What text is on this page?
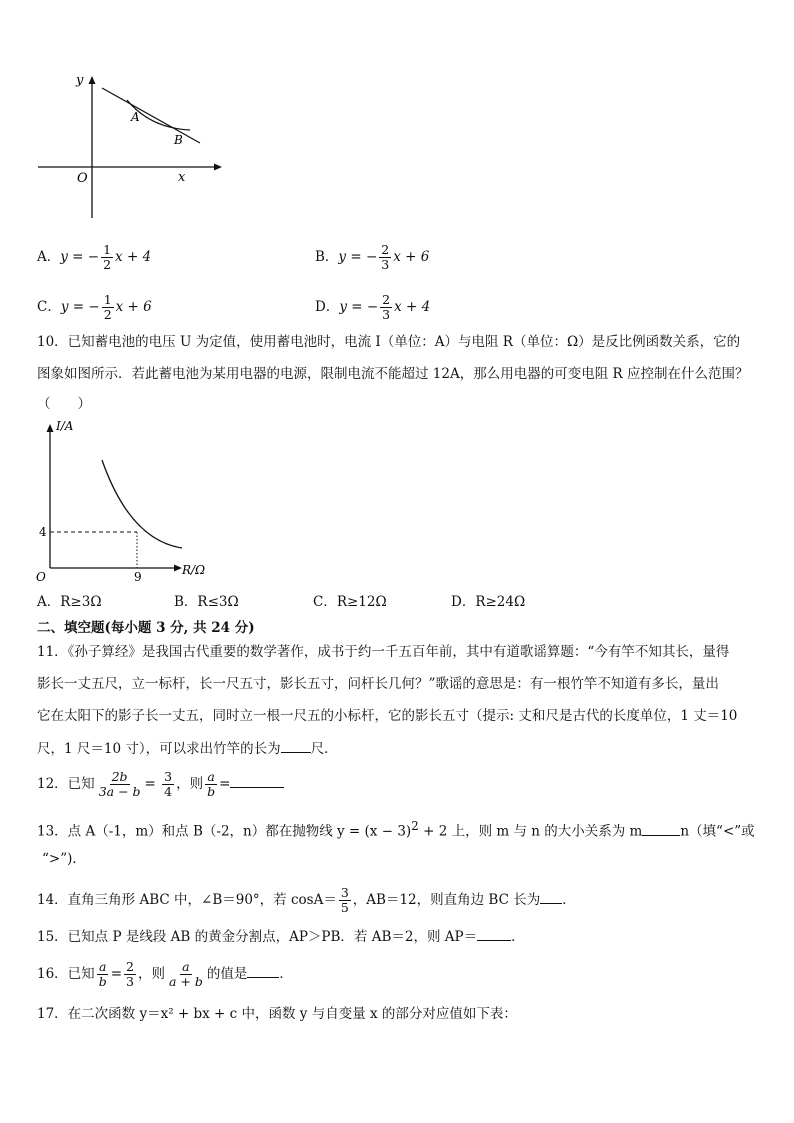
y
x
O
A
B
A．y = − $\frac{1}{2}$ x + 4	B．y = − $\frac{2}{3}$ x + 6
C．y = − $\frac{1}{2}$ x + 6	D．y = − $\frac{2}{3}$ x + 4
10．已知蓄电池的电压 U 为定值，使用蓄电池时，电流 I（单位：A）与电阻 R（单位：Ω）是反比例函数关系，它的
图象如图所示．若此蓄电池为某用电器的电源，限制电流不能超过 12A，那么用电器的可变电阻 R 应控制在什么范围？
（　　）
I/A
R/Ω
O
4
9
A．R≥3Ω	B．R≤3Ω	C．R≥12Ω	D．R≥24Ω
二、填空题(每小题 3 分, 共 24 分)
11．《孙子算经》是我国古代重要的数学著作，成书于约一千五百年前，其中有道歌谣算题：“今有竿不知其长，量得
影长一丈五尺，立一标杆，长一尺五寸，影长五寸，问杆长几何？”歌谣的意思是：有一根竹竿不知道有多长，量出
它在太阳下的影子长一丈五，同时立一根一尺五的小标杆，它的影长五寸（提示: 丈和尺是古代的长度单位，1 丈＝10
尺，1 尺＝10 寸），可以求出竹竿的长为 尺．
12．已知 $\frac{2b}{3a - b} = \frac{3}{4}$ ，则 $\frac{a}{b}$ =
13．点 A（-1，m）和点 B（-2，n）都在抛物线 $y = (x - 3)^2 + 2$ 上，则 m 与 n 的大小关系为 m	n（填“<”或
“>”)．
14．直角三角形 ABC 中，∠B＝90°，若 $\cos A= \frac{3}{5}$ ，AB＝12，则直角边 BC 长为 ．
15．已知点 P 是线段 AB 的黄金分割点，AP＞PB．若 AB＝2，则 AP＝	．
16．已知 $\frac{a}{b} = \frac{2}{3}$ ，则 $\frac{a}{a + b}$ 的值是 ．
17．在二次函数 y＝x² + bx + c 中，函数 y 与自变量 x 的部分对应值如下表：
